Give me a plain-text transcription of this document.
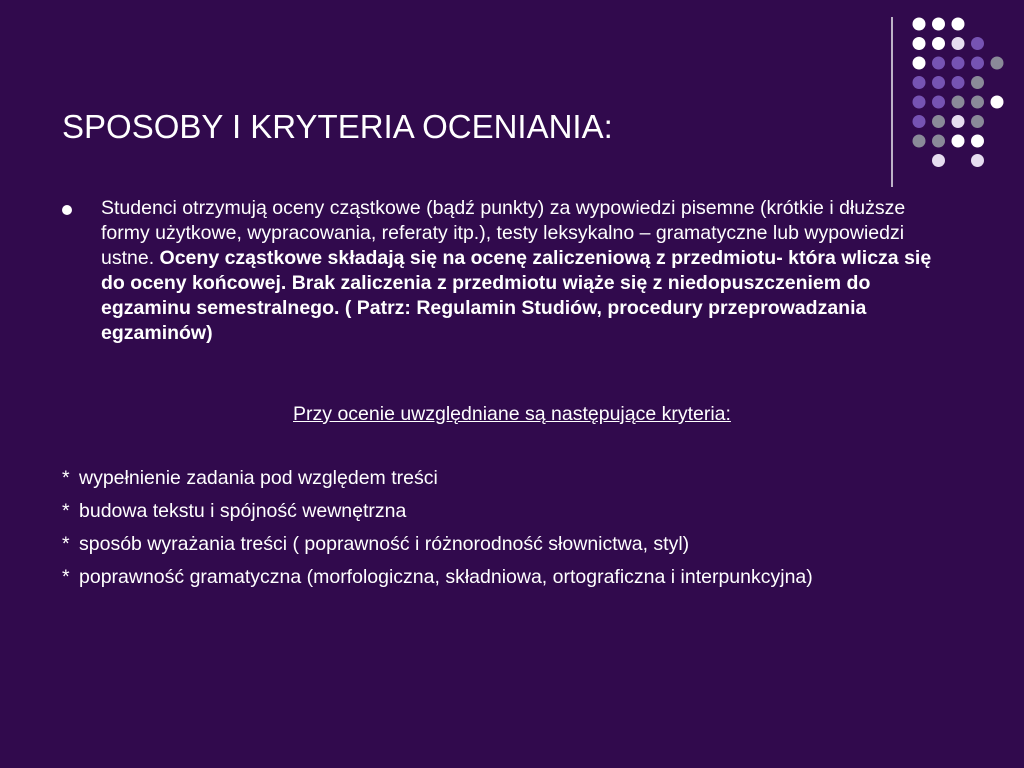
SPOSOBY I KRYTERIA OCENIANIA:
Studenci otrzymują oceny cząstkowe (bądź punkty) za wypowiedzi pisemne (krótkie i dłuższe formy użytkowe, wypracowania, referaty itp.), testy leksykalno – gramatyczne lub wypowiedzi ustne. Oceny cząstkowe składają się na ocenę zaliczeniową z przedmiotu- która wlicza się do oceny końcowej. Brak zaliczenia z przedmiotu wiąże się z niedopuszczeniem do egzaminu semestralnego. ( Patrz: Regulamin Studiów, procedury przeprowadzania egzaminów)
Przy ocenie uwzględniane są następujące kryteria:
* wypełnienie zadania pod względem treści
* budowa tekstu i spójność wewnętrzna
* sposób wyrażania treści ( poprawność i różnorodność słownictwa, styl)
* poprawność gramatyczna (morfologiczna, składniowa, ortograficzna i interpunkcyjna)
